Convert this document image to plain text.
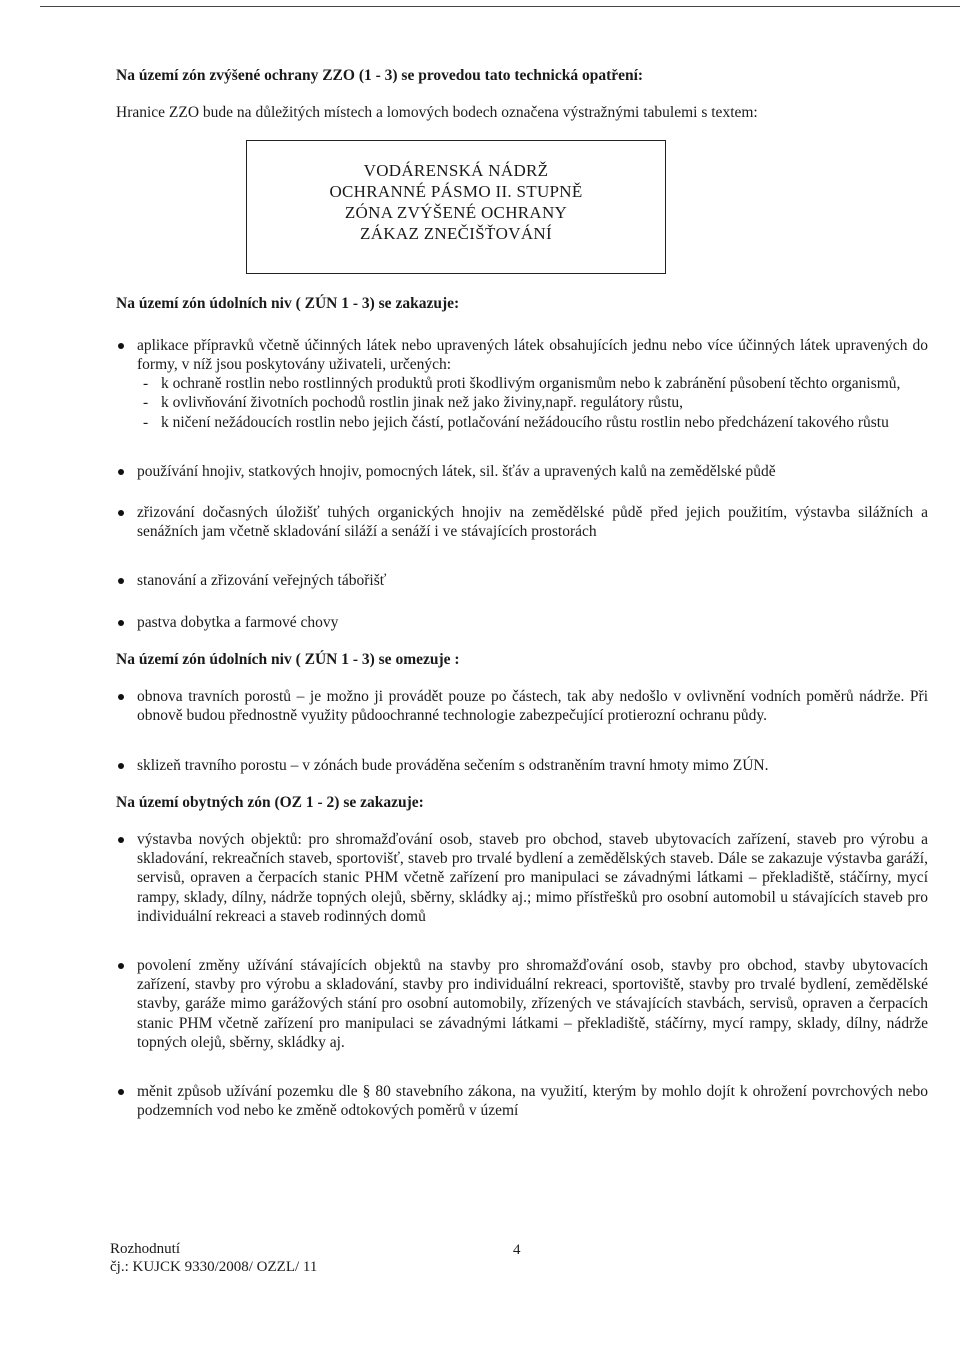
Na území zón zvýšené ochrany ZZO (1 - 3) se provedou tato technická opatření:

Hranice ZZO bude na důležitých místech a lomových bodech označena výstražnými tabulemi s textem:

VODÁRENSKÁ NÁDRŽ
OCHRANNÉ PÁSMO II. STUPNĚ
ZÓNA ZVÝŠENÉ OCHRANY
ZÁKAZ ZNEČIŠŤOVÁNÍ

Na území zón údolních niv ( ZÚN 1 - 3) se zakazuje:

aplikace přípravků včetně účinných látek nebo upravených látek obsahujících jednu nebo více účinných látek upravených do formy, v níž jsou poskytovány uživateli, určených:
- k ochraně rostlin nebo rostlinných produktů proti škodlivým organismům nebo k zabránění působení těchto organismů,
- k ovlivňování životních pochodů rostlin jinak než jako živiny,např. regulátory růstu,
- k ničení nežádoucích rostlin nebo jejich částí, potlačování nežádoucího růstu rostlin nebo předcházení takového růstu
používání hnojiv, statkových hnojiv, pomocných látek, sil. šťáv a upravených kalů na zemědělské půdě
zřizování dočasných úložišť tuhých organických hnojiv na zemědělské půdě před jejich použitím, výstavba silážních a senážních jam včetně skladování siláží a senáží i ve stávajících prostorách
stanování a zřizování veřejných tábořišť
pastva dobytka a farmové chovy

Na území zón údolních niv ( ZÚN 1 - 3) se omezuje :

obnova travních porostů – je možno ji provádět pouze po částech, tak aby nedošlo v ovlivnění vodních poměrů nádrže. Při obnově budou přednostně využity půdoochranné technologie zabezpečující protierozní ochranu půdy.
sklizeň travního porostu – v zónách bude prováděna sečením s odstraněním travní hmoty mimo ZÚN.

Na území obytných zón (OZ 1 - 2) se zakazuje:

výstavba nových objektů: pro shromažďování osob, staveb pro obchod, staveb ubytovacích zařízení, staveb pro výrobu a skladování, rekreačních staveb, sportovišť, staveb pro trvalé bydlení a zemědělských staveb. Dále se zakazuje výstavba garáží, servisů, opraven a čerpacích stanic PHM včetně zařízení pro manipulaci se závadnými látkami – překladiště, stáčírny, mycí rampy, sklady, dílny, nádrže topných olejů, sběrny, skládky aj.; mimo přístřešků pro osobní automobil u stávajících staveb pro individuální rekreaci a staveb rodinných domů
povolení změny užívání stávajících objektů na stavby pro shromažďování osob, stavby pro obchod, stavby ubytovacích zařízení, stavby pro výrobu a skladování, stavby pro individuální rekreaci, sportoviště, stavby pro trvalé bydlení, zemědělské stavby, garáže mimo garážových stání pro osobní automobily, zřízených ve stávajících stavbách, servisů, opraven a čerpacích stanic PHM včetně zařízení pro manipulaci se závadnými látkami – překladiště, stáčírny, mycí rampy, sklady, dílny, nádrže topných olejů, sběrny, skládky aj.
měnit způsob užívání pozemku dle § 80 stavebního zákona, na využití, kterým by mohlo dojít k ohrožení povrchových nebo podzemních vod nebo ke změně odtokových poměrů v území
Rozhodnutí
čj.: KUJCK 9330/2008/ OZZL/ 11
4
